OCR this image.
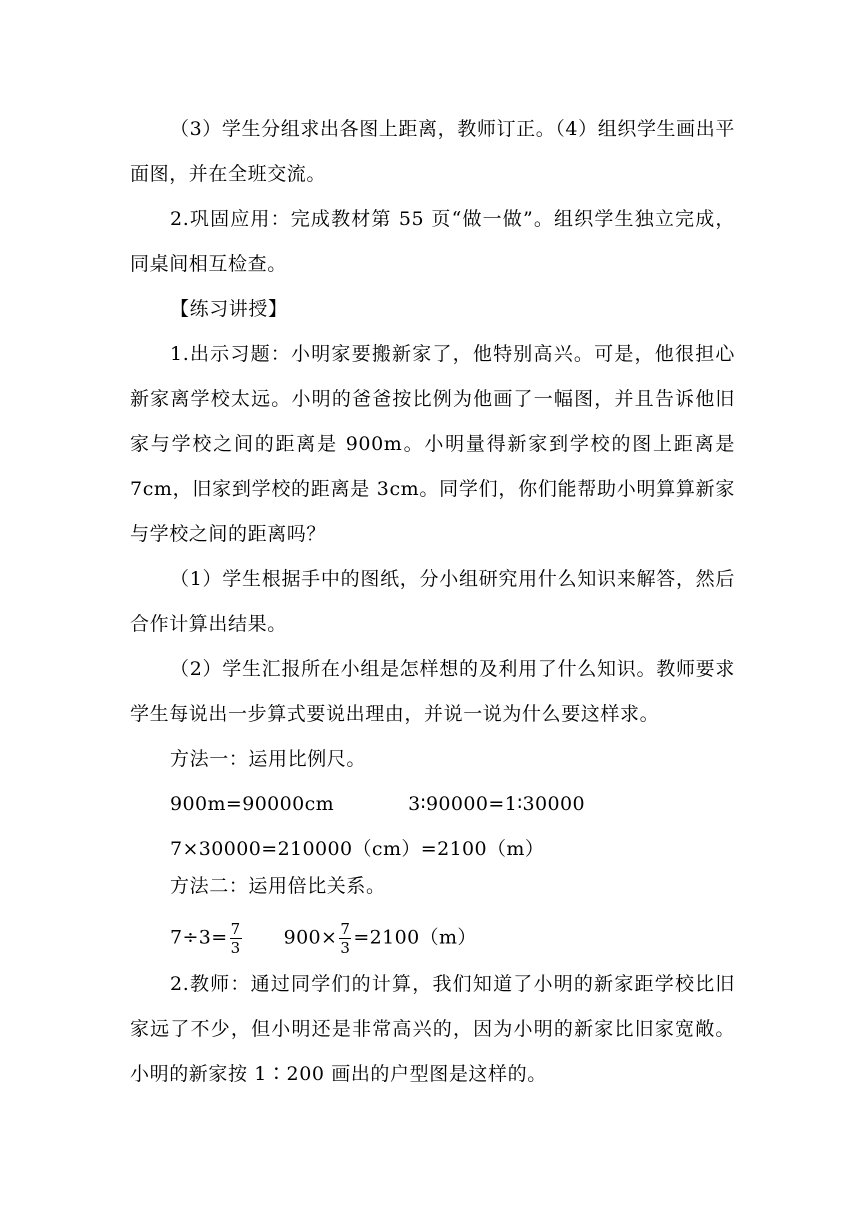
（3）学生分组求出各图上距离，教师订正。（4）组织学生画出平面图，并在全班交流。
2.巩固应用：完成教材第 55 页“做一做”。组织学生独立完成，同桌间相互检查。
【练习讲授】
1.出示习题：小明家要搬新家了，他特别高兴。可是，他很担心新家离学校太远。小明的爸爸按比例为他画了一幅图，并且告诉他旧家与学校之间的距离是 900m。小明量得新家到学校的图上距离是 7cm，旧家到学校的距离是 3cm。同学们，你们能帮助小明算算新家与学校之间的距离吗？
（1）学生根据手中的图纸，分小组研究用什么知识来解答，然后合作计算出结果。
（2）学生汇报所在小组是怎样想的及利用了什么知识。教师要求学生每说出一步算式要说出理由，并说一说为什么要这样求。
方法一：运用比例尺。
900m=90000cm	3∶90000=1∶30000
7×30000=210000（cm）=2100（m）
方法二：运用倍比关系。
$7\div 3= \frac{7}{3} 900\times \frac{7}{3} =2100(m)$
2.教师：通过同学们的计算，我们知道了小明的新家距学校比旧家远了不少，但小明还是非常高兴的，因为小明的新家比旧家宽敞。小明的新家按 1∶200 画出的户型图是这样的。
